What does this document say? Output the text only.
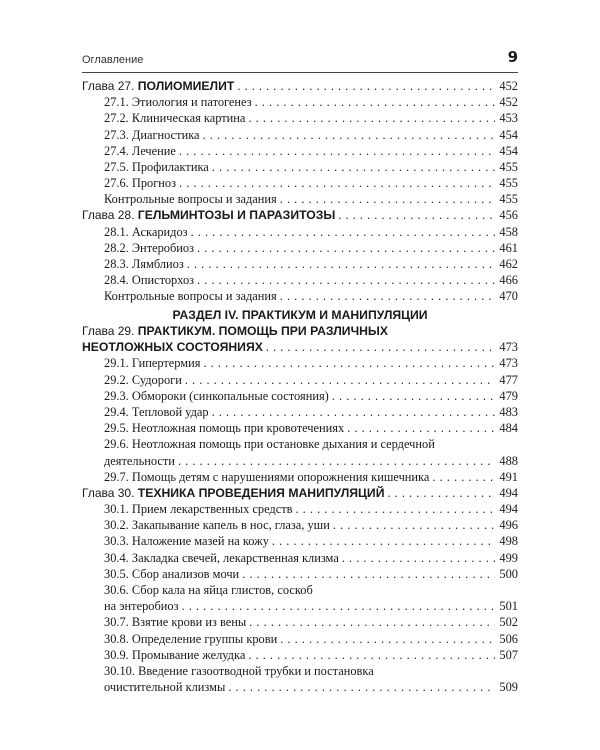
Оглавление	9
Глава 27. ПОЛИОМИЕЛИТ . . .	452
27.1. Этиология и патогенез . . .	452
27.2. Клиническая картина . . .	453
27.3. Диагностика . . .	454
27.4. Лечение . . .	454
27.5. Профилактика . . .	455
27.6. Прогноз . . .	455
Контрольные вопросы и задания . . .	455
Глава 28. ГЕЛЬМИНТОЗЫ И ПАРАЗИТОЗЫ . . .	456
28.1. Аскаридоз . . .	458
28.2. Энтеробиоз . . .	461
28.3. Лямблиоз . . .	462
28.4. Описторхоз . . .	466
Контрольные вопросы и задания . . .	470
РАЗДЕЛ IV. ПРАКТИКУМ И МАНИПУЛЯЦИИ
Глава 29. ПРАКТИКУМ. ПОМОЩЬ ПРИ РАЗЛИЧНЫХ
НЕОТЛОЖНЫХ СОСТОЯНИЯХ . . .	473
29.1. Гипертермия . . .	473
29.2. Судороги . . .	477
29.3. Обмороки (синкопальные состояния) . . .	479
29.4. Тепловой удар . . .	483
29.5. Неотложная помощь при кровотечениях . . .	484
29.6. Неотложная помощь при остановке дыхания и сердечной
деятельности . . .	488
29.7. Помощь детям с нарушениями опорожнения кишечника . . .	491
Глава 30. ТЕХНИКА ПРОВЕДЕНИЯ МАНИПУЛЯЦИЙ . . .	494
30.1. Прием лекарственных средств . . .	494
30.2. Закапывание капель в нос, глаза, уши . . .	496
30.3. Наложение мазей на кожу . . .	498
30.4. Закладка свечей, лекарственная клизма . . .	499
30.5. Сбор анализов мочи . . .	500
30.6. Сбор кала на яйца глистов, соскоб
на энтеробиоз . . .	501
30.7. Взятие крови из вены . . .	502
30.8. Определение группы крови . . .	506
30.9. Промывание желудка . . .	507
30.10. Введение газоотводной трубки и постановка
очистительной клизмы . . .	509
